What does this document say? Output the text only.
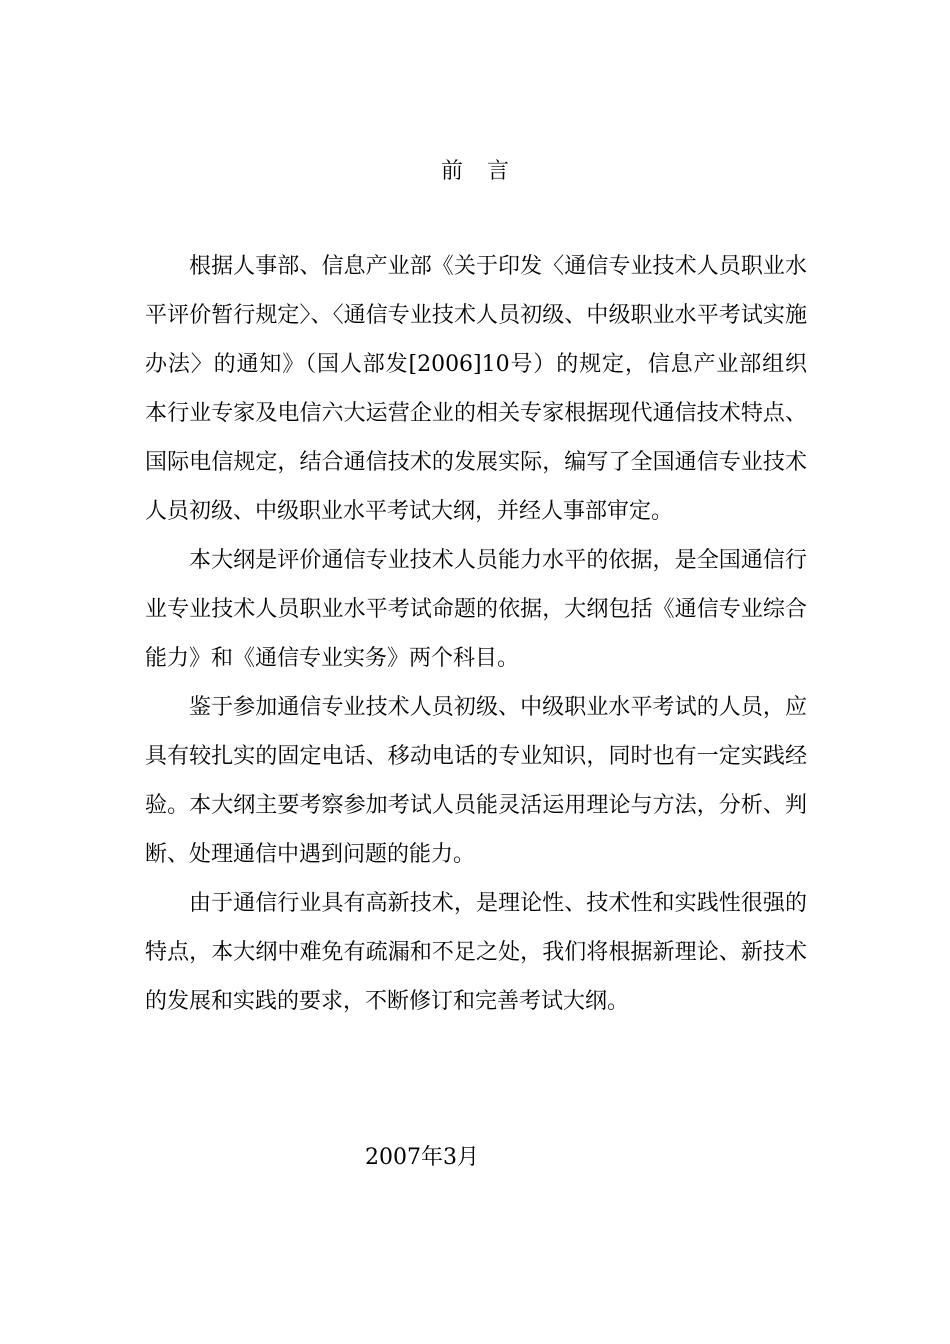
前言

根据人事部、信息产业部《关于印发〈通信专业技术人员职业水平评价暂行规定〉、〈通信专业技术人员初级、中级职业水平考试实施办法〉的通知》（国人部发[2006]10号）的规定，信息产业部组织本行业专家及电信六大运营企业的相关专家根据现代通信技术特点、国际电信规定，结合通信技术的发展实际，编写了全国通信专业技术人员初级、中级职业水平考试大纲，并经人事部审定。

本大纲是评价通信专业技术人员能力水平的依据，是全国通信行业专业技术人员职业水平考试命题的依据，大纲包括《通信专业综合能力》和《通信专业实务》两个科目。

鉴于参加通信专业技术人员初级、中级职业水平考试的人员，应具有较扎实的固定电话、移动电话的专业知识，同时也有一定实践经验。本大纲主要考察参加考试人员能灵活运用理论与方法，分析、判断、处理通信中遇到问题的能力。

由于通信行业具有高新技术，是理论性、技术性和实践性很强的特点，本大纲中难免有疏漏和不足之处，我们将根据新理论、新技术的发展和实践的要求，不断修订和完善考试大纲。

2007年3月
